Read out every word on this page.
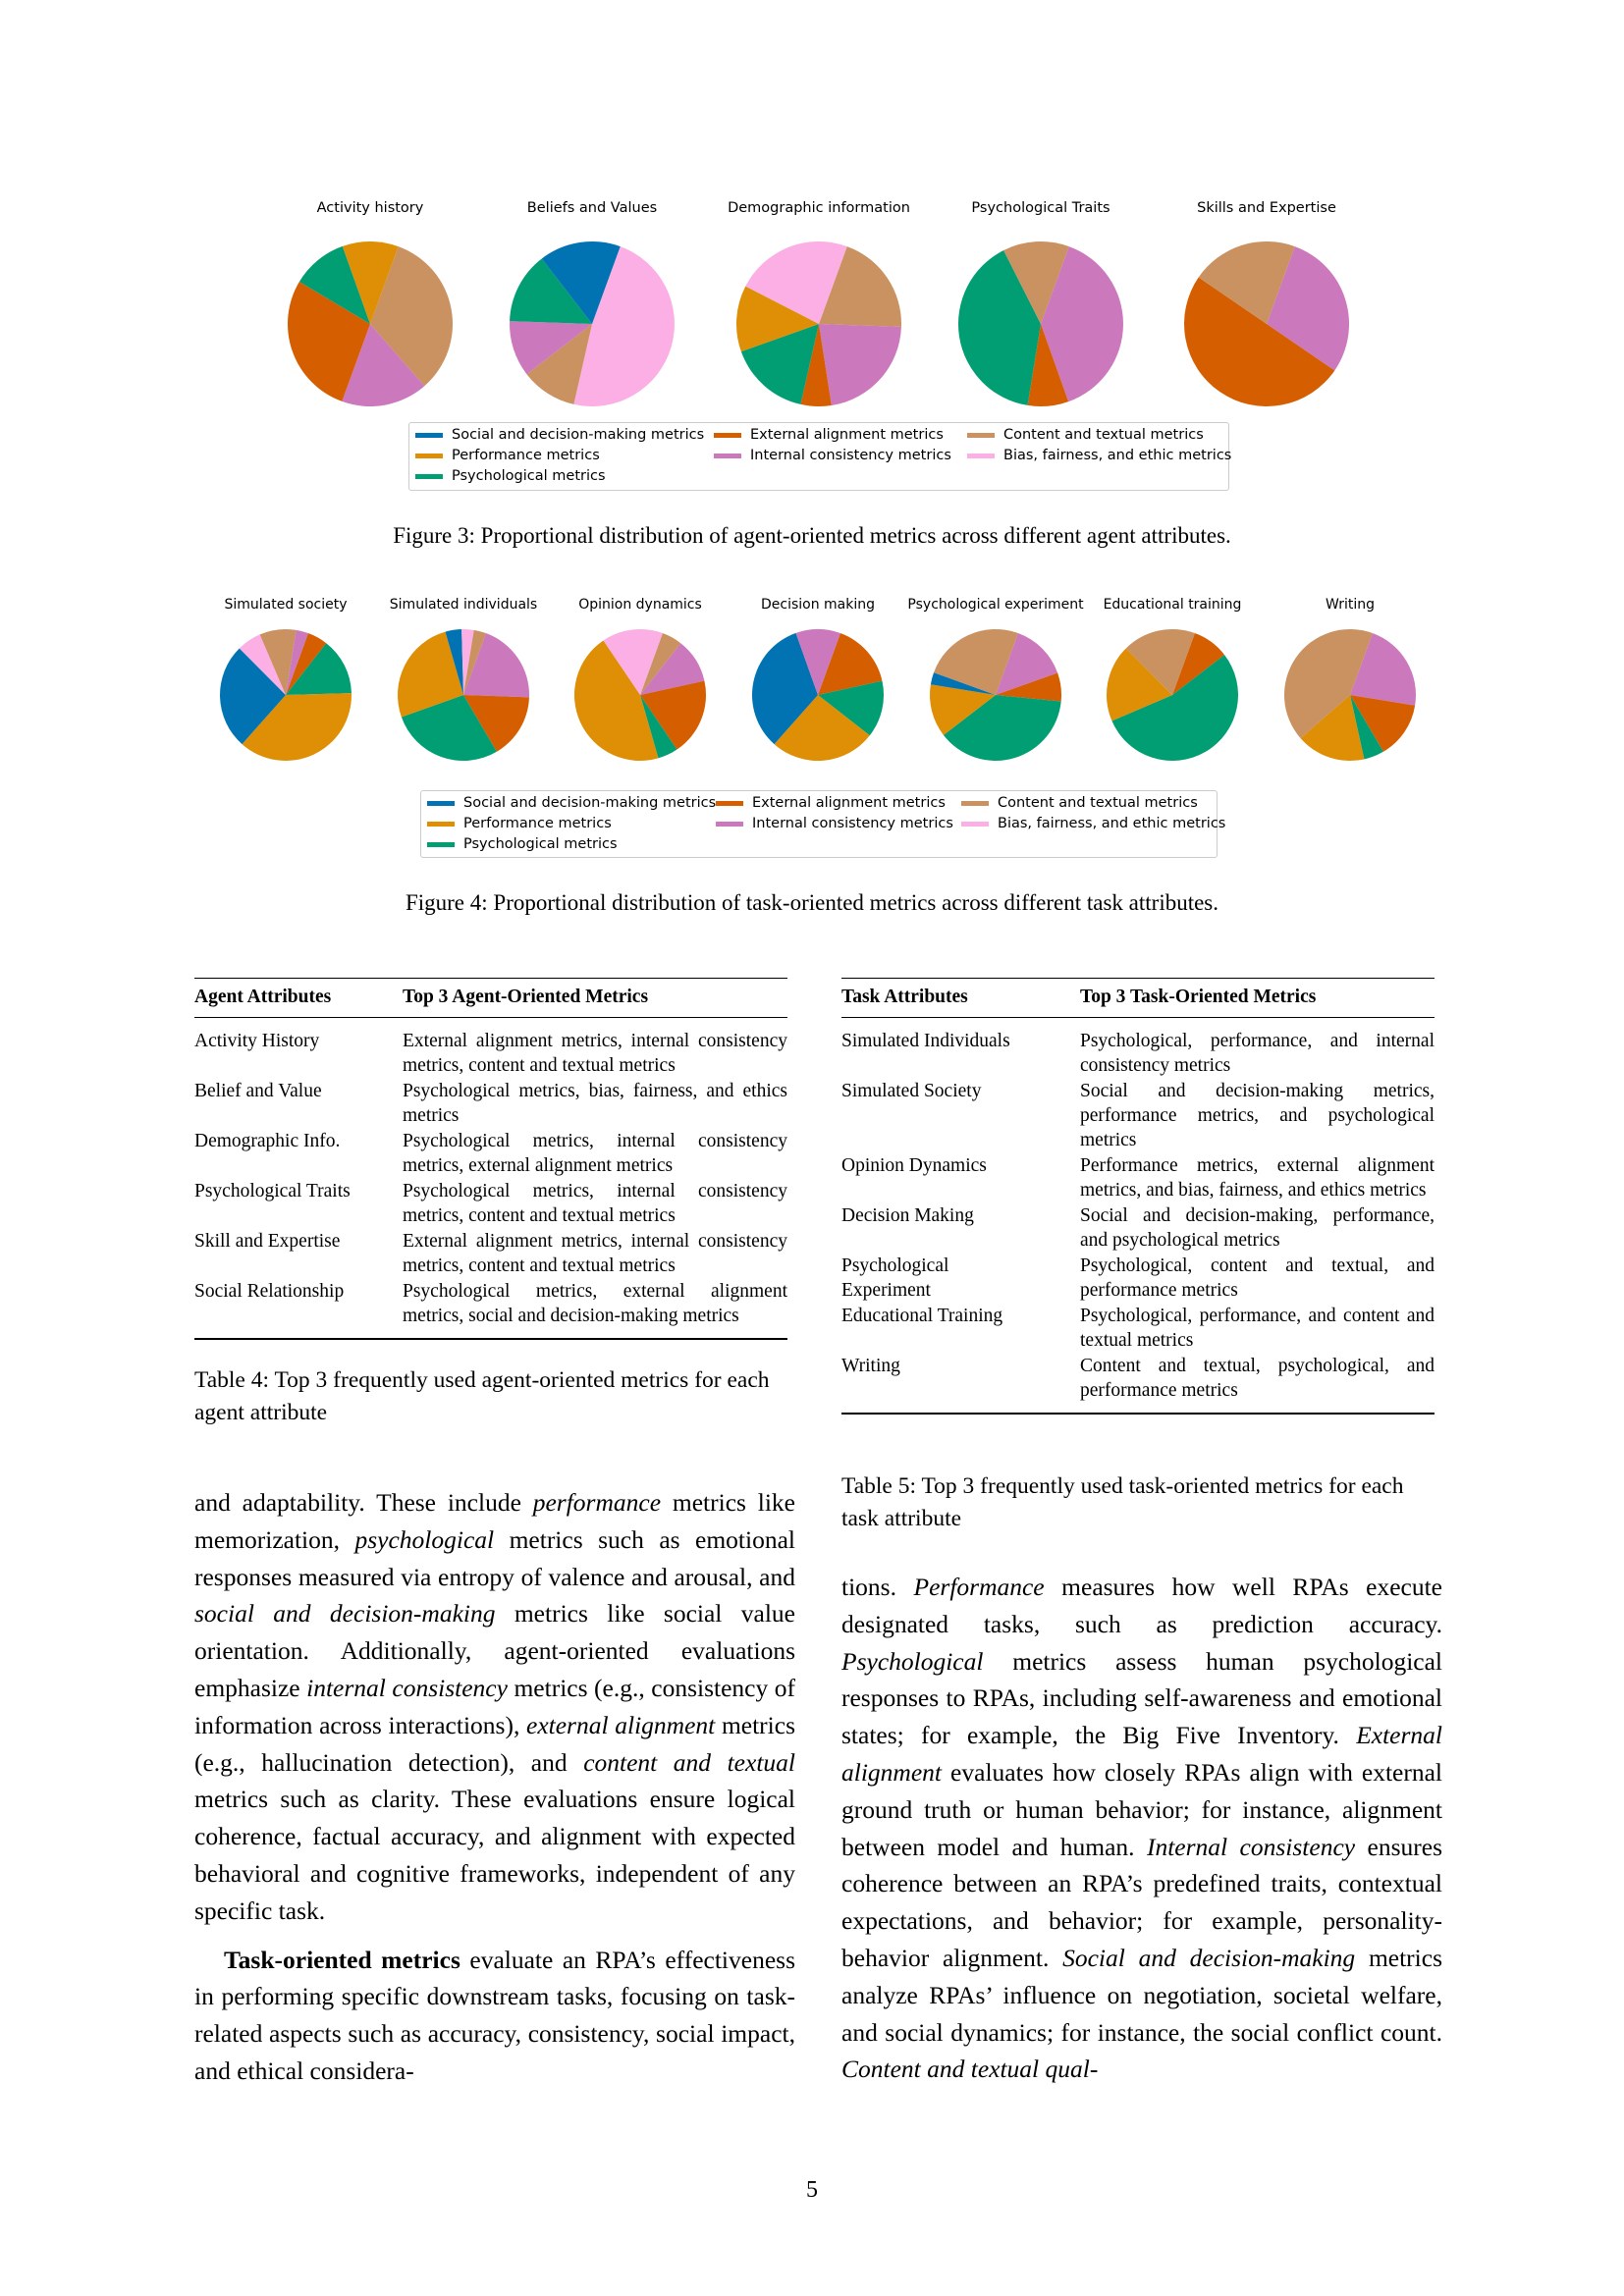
Activity history	Beliefs and Values	Demographic information	Psychological Traits	Skills and Expertise
Social and decision-making metrics	External alignment metrics	Content and textual metrics
Performance metrics	Internal consistency metrics	Bias, fairness, and ethic metrics
Psychological metrics
Figure 3: Proportional distribution of agent-oriented metrics across different agent attributes.
Simulated society	Simulated individuals	Opinion dynamics	Decision making Psychological experiment Educational training	Writing
Social and decision-making metrics	External alignment metrics	Content and textual metrics
Performance metrics	Internal consistency metrics	Bias, fairness, and ethic metrics
Psychological metrics
Figure 4: Proportional distribution of task-oriented metrics across different task attributes.
Agent Attributes	Top 3 Agent-Oriented Metrics

Activity History	External alignment metrics, internal consistency metrics, content and textual metrics
Belief and Value	Psychological metrics, bias, fairness, and ethics metrics
Demographic Info.	Psychological metrics, internal consistency metrics, external alignment metrics
Psychological Traits	Psychological metrics, internal consistency metrics, content and textual metrics
Skill and Expertise	External alignment metrics, internal consistency metrics, content and textual metrics
Social Relationship	Psychological metrics, external alignment metrics, social and decision-making metrics
Table 4: Top 3 frequently used agent-oriented metrics for each agent attribute
Task Attributes	Top 3 Task-Oriented Metrics

Simulated Individuals	Psychological, performance, and internal consistency metrics
Simulated Society	Social and decision-making metrics, performance metrics, and psychological metrics
Opinion Dynamics	Performance metrics, external alignment metrics, and bias, fairness, and ethics metrics
Decision Making	Social and decision-making, performance, and psychological metrics
Psychological Experiment	Psychological, content and textual, and performance metrics
Educational Training	Psychological, performance, and content and textual metrics
Writing	Content and textual, psychological, and performance metrics
Table 5: Top 3 frequently used task-oriented metrics for each task attribute

and adaptability. These include performance metrics like memorization, psychological metrics such as emotional responses measured via entropy of valence and arousal, and social and decision-making metrics like social value orientation. Additionally, agent-oriented evaluations emphasize internal consistency metrics (e.g., consistency of information across interactions), external alignment metrics (e.g., hallucination detection), and content and textual metrics such as clarity. These evaluations ensure logical coherence, factual accuracy, and alignment with expected behavioral and cognitive frameworks, independent of any specific task.

Task-oriented metrics evaluate an RPA’s effectiveness in performing specific downstream tasks, focusing on task-related aspects such as accuracy, consistency, social impact, and ethical considera-

tions. Performance measures how well RPAs execute designated tasks, such as prediction accuracy. Psychological metrics assess human psychological responses to RPAs, including self-awareness and emotional states; for example, the Big Five Inventory. External alignment evaluates how closely RPAs align with external ground truth or human behavior; for instance, alignment between model and human. Internal consistency ensures coherence between an RPA’s predefined traits, contextual expectations, and behavior; for example, personality-behavior alignment. Social and decision-making metrics analyze RPAs’ influence on negotiation, societal welfare, and social dynamics; for instance, the social conflict count. Content and textual qual-

5
